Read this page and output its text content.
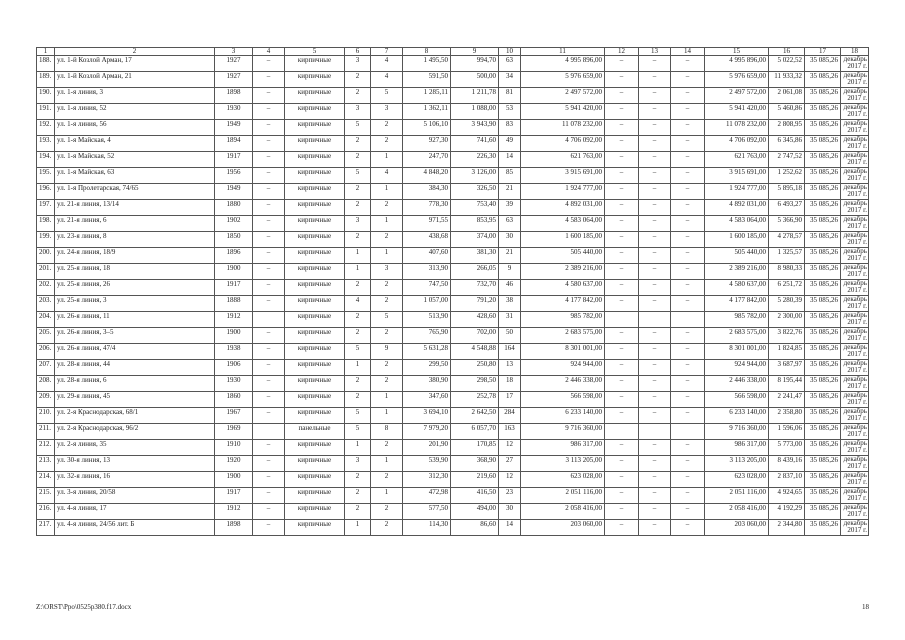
1	2	3	4	5	6	7	8	9	10	11	12	13	14	15	16	17	18
188.	ул. 1-й Козлой Арман, 17	1927	–	кирпичные	3	4	1 495,50	994,70	63	4 995 896,00	–	–	–	4 995 896,00	5 022,52	35 085,26	декабрь 2017 г.
189.	ул. 1-й Козлой Арман, 21	1927	–	кирпичные	2	4	591,50	500,00	34	5 976 659,00	–	–	–	5 976 659,00	11 933,32	35 085,26	декабрь 2017 г.
190.	ул. 1-я линия, 3	1898	–	кирпичные	2	5	1 285,11	1 211,78	81	2 497 572,00	–	–	–	2 497 572,00	2 061,08	35 085,26	декабрь 2017 г.
191.	ул. 1-я линия, 52	1930	–	кирпичные	3	3	1 362,11	1 088,00	53	5 941 420,00	–	–	–	5 941 420,00	5 460,86	35 085,26	декабрь 2017 г.
192.	ул. 1-я линия, 56	1949	–	кирпичные	5	2	5 106,10	3 943,90	83	11 078 232,00	–	–	–	11 078 232,00	2 808,95	35 085,26	декабрь 2017 г.
193.	ул. 1-я Майская, 4	1894	–	кирпичные	2	2	927,30	741,60	49	4 706 092,00	–	–	–	4 706 092,00	6 345,86	35 085,26	декабрь 2017 г.
194.	ул. 1-я Майская, 52	1917	–	кирпичные	2	1	247,70	226,30	14	621 763,00	–	–	–	621 763,00	2 747,52	35 085,26	декабрь 2017 г.
195.	ул. 1-я Майская, 63	1956	–	кирпичные	5	4	4 848,20	3 126,00	85	3 915 691,00	–	–	–	3 915 691,00	1 252,62	35 085,26	декабрь 2017 г.
196.	ул. 1-я Пролетарская, 74/65	1949	–	кирпичные	2	1	384,30	326,50	21	1 924 777,00	–	–	–	1 924 777,00	5 895,18	35 085,26	декабрь 2017 г.
197.	ул. 21-я линия, 13/14	1880	–	кирпичные	2	2	778,30	753,40	39	4 892 031,00	–	–	–	4 892 031,00	6 493,27	35 085,26	декабрь 2017 г.
198.	ул. 21-я линия, 6	1902	–	кирпичные	3	1	971,55	853,95	63	4 583 064,00	–	–	–	4 583 064,00	5 366,90	35 085,26	декабрь 2017 г.
199.	ул. 23-я линия, 8	1850	–	кирпичные	2	2	438,68	374,00	30	1 600 185,00	–	–	–	1 600 185,00	4 278,57	35 085,26	декабрь 2017 г.
200.	ул. 24-я линия, 18/9	1896	–	кирпичные	1	1	407,60	381,30	21	505 440,00	–	–	–	505 440,00	1 325,57	35 085,26	декабрь 2017 г.
201.	ул. 25-я линия, 18	1900	–	кирпичные	1	3	313,90	266,05	9	2 389 216,00	–	–	–	2 389 216,00	8 980,33	35 085,26	декабрь 2017 г.
202.	ул. 25-я линия, 26	1917	–	кирпичные	2	2	747,50	732,70	46	4 580 637,00	–	–	–	4 580 637,00	6 251,72	35 085,26	декабрь 2017 г.
203.	ул. 25-я линия, 3	1888	–	кирпичные	4	2	1 057,00	791,20	38	4 177 842,00	–	–	–	4 177 842,00	5 280,39	35 085,26	декабрь 2017 г.
204.	ул. 26-я линия, 11	1912		кирпичные	2	5	513,90	428,60	31	985 782,00				985 782,00	2 300,00	35 085,26	декабрь 2017 г.
205.	ул. 26-я линия, 3–5	1900	–	кирпичные	2	2	765,90	702,00	50	2 683 575,00	–	–	–	2 683 575,00	3 822,76	35 085,26	декабрь 2017 г.
206.	ул. 26-я линия, 47/4	1938	–	кирпичные	5	9	5 631,28	4 548,88	164	8 301 001,00	–	–	–	8 301 001,00	1 824,85	35 085,26	декабрь 2017 г.
207.	ул. 28-я линия, 44	1906	–	кирпичные	1	2	299,50	250,80	13	924 944,00	–	–	–	924 944,00	3 687,97	35 085,26	декабрь 2017 г.
208.	ул. 28-я линия, 6	1930	–	кирпичные	2	2	380,90	298,50	18	2 446 338,00	–	–	–	2 446 338,00	8 195,44	35 085,26	декабрь 2017 г.
209.	ул. 29-я линия, 45	1860	–	кирпичные	2	1	347,60	252,78	17	566 598,00	–	–	–	566 598,00	2 241,47	35 085,26	декабрь 2017 г.
210.	ул. 2-я Краснодарская, 68/1	1967	–	кирпичные	5	1	3 694,10	2 642,50	284	6 233 140,00	–	–	–	6 233 140,00	2 358,80	35 085,26	декабрь 2017 г.
211.	ул. 2-я Краснодарская, 96/2	1969		панельные	5	8	7 979,20	6 057,70	163	9 716 360,00				9 716 360,00	1 596,06	35 085,26	декабрь 2017 г.
212.	ул. 2-я линия, 35	1910	–	кирпичные	1	2	201,90	170,85	12	986 317,00	–	–	–	986 317,00	5 773,00	35 085,26	декабрь 2017 г.
213.	ул. 30-я линия, 13	1920	–	кирпичные	3	1	539,90	368,90	27	3 113 205,00	–	–	–	3 113 205,00	8 439,16	35 085,26	декабрь 2017 г.
214.	ул. 32-я линия, 16	1900	–	кирпичные	2	2	312,30	219,60	12	623 028,00	–	–	–	623 028,00	2 837,10	35 085,26	декабрь 2017 г.
215.	ул. 3-я линия, 20/58	1917	–	кирпичные	2	1	472,98	416,50	23	2 051 116,00	–	–	–	2 051 116,00	4 924,65	35 085,26	декабрь 2017 г.
216.	ул. 4-я линия, 17	1912	–	кирпичные	2	2	577,50	494,00	30	2 058 416,00	–	–	–	2 058 416,00	4 192,29	35 085,26	декабрь 2017 г.
217.	ул. 4-я линия, 24/56 лит. Б	1898	–	кирпичные	1	2	114,30	86,60	14	203 060,00	–	–	–	203 060,00	2 344,80	35 085,26	декабрь 2017 г.
Z:\ORST\Ppo\0525p380.f17.docx	18
